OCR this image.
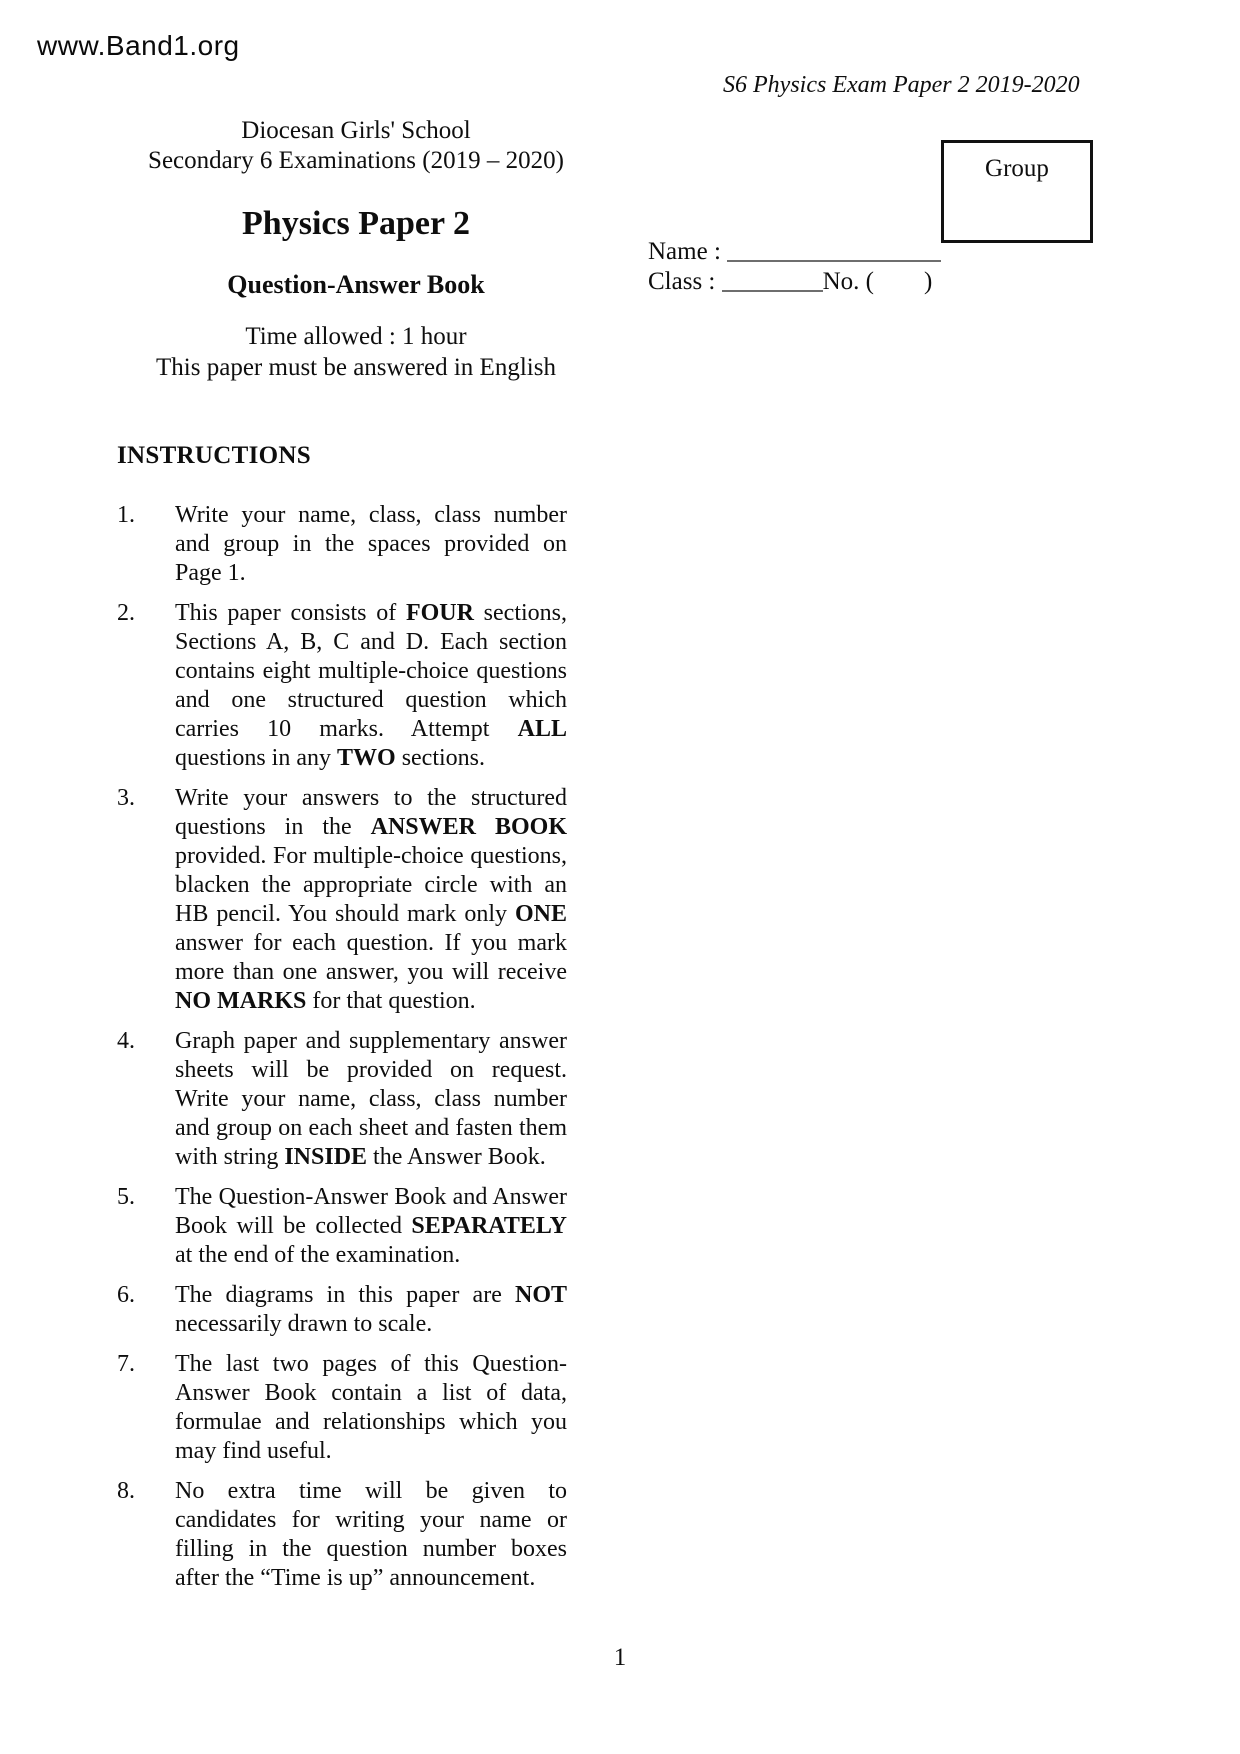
www.Band1.org
S6 Physics Exam Paper 2 2019-2020
Diocesan Girls' School
Secondary 6 Examinations (2019 – 2020)
Physics Paper 2
Question-Answer Book
Time allowed : 1 hour
This paper must be answered in English
Group
Name :
Class :	No. ( )
INSTRUCTIONS
1.	Write your name, class, class number and group in the spaces provided on Page 1.
2.	This paper consists of FOUR sections, Sections A, B, C and D. Each section contains eight multiple-choice questions and one structured question which carries 10 marks. Attempt ALL questions in any TWO sections.
3.	Write your answers to the structured questions in the ANSWER BOOK provided. For multiple-choice questions, blacken the appropriate circle with an HB pencil. You should mark only ONE answer for each question. If you mark more than one answer, you will receive NO MARKS for that question.
4.	Graph paper and supplementary answer sheets will be provided on request. Write your name, class, class number and group on each sheet and fasten them with string INSIDE the Answer Book.
5.	The Question-Answer Book and Answer Book will be collected SEPARATELY at the end of the examination.
6.	The diagrams in this paper are NOT necessarily drawn to scale.
7.	The last two pages of this Question-Answer Book contain a list of data, formulae and relationships which you may find useful.
8.	No extra time will be given to candidates for writing your name or filling in the question number boxes after the “Time is up” announcement.
1
